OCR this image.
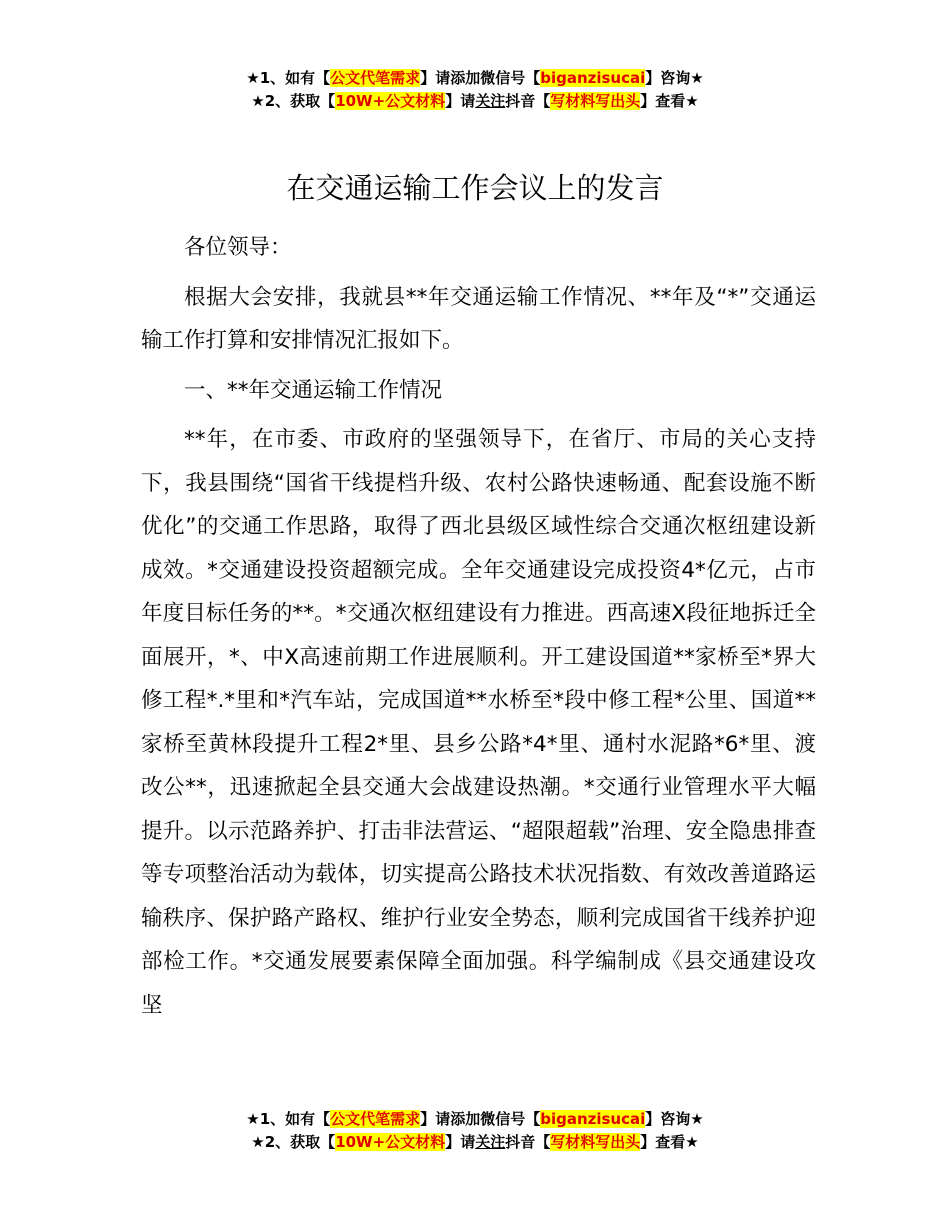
★1、如有【公文代笔需求】请添加微信号【biganzisucai】咨询★
★2、获取【10W+公文材料】请关注抖音【写材料写出头】查看★
在交通运输工作会议上的发言

各位领导：

根据大会安排，我就县**年交通运输工作情况、**年及“*”交通运输工作打算和安排情况汇报如下。

一、**年交通运输工作情况

**年，在市委、市政府的坚强领导下，在省厅、市局的关心支持下，我县围绕“国省干线提档升级、农村公路快速畅通、配套设施不断优化”的交通工作思路，取得了西北县级区域性综合交通次枢纽建设新成效。*交通建设投资超额完成。全年交通建设完成投资4*亿元，占市年度目标任务的**。*交通次枢纽建设有力推进。西高速X段征地拆迁全面展开，*、中X高速前期工作进展顺利。开工建设国道**家桥至*界大修工程*.*里和*汽车站，完成国道**水桥至*段中修工程*公里、国道**家桥至黄林段提升工程2*里、县乡公路*4*里、通村水泥路*6*里、渡改公**，迅速掀起全县交通大会战建设热潮。*交通行业管理水平大幅提升。以示范路养护、打击非法营运、“超限超载”治理、安全隐患排查等专项整治活动为载体，切实提高公路技术状况指数、有效改善道路运输秩序、保护路产路权、维护行业安全势态，顺利完成国省干线养护迎部检工作。*交通发展要素保障全面加强。科学编制成《县交通建设攻坚

★1、如有【公文代笔需求】请添加微信号【biganzisucai】咨询★
★2、获取【10W+公文材料】请关注抖音【写材料写出头】查看★
